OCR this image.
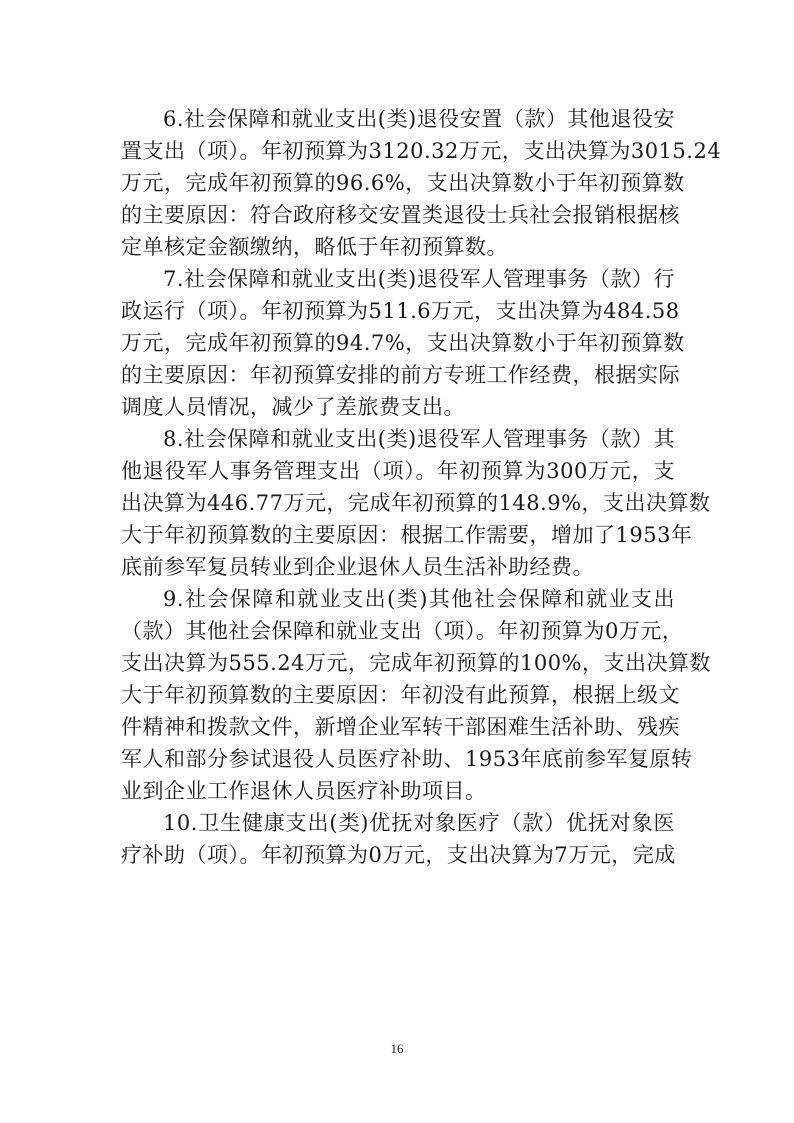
6.社会保障和就业支出(类)退役安置（款）其他退役安
置支出（项）。年初预算为3120.32万元，支出决算为3015.24
万元，完成年初预算的96.6%，支出决算数小于年初预算数
的主要原因：符合政府移交安置类退役士兵社会报销根据核
定单核定金额缴纳，略低于年初预算数。
7.社会保障和就业支出(类)退役军人管理事务（款）行
政运行（项）。年初预算为511.6万元，支出决算为484.58
万元，完成年初预算的94.7%，支出决算数小于年初预算数
的主要原因：年初预算安排的前方专班工作经费，根据实际
调度人员情况，减少了差旅费支出。
8.社会保障和就业支出(类)退役军人管理事务（款）其
他退役军人事务管理支出（项）。年初预算为300万元，支
出决算为446.77万元，完成年初预算的148.9%，支出决算数
大于年初预算数的主要原因：根据工作需要，增加了1953年
底前参军复员转业到企业退休人员生活补助经费。
9.社会保障和就业支出(类)其他社会保障和就业支出
（款）其他社会保障和就业支出（项）。年初预算为0万元，
支出决算为555.24万元，完成年初预算的100%，支出决算数
大于年初预算数的主要原因：年初没有此预算，根据上级文
件精神和拨款文件，新增企业军转干部困难生活补助、残疾
军人和部分参试退役人员医疗补助、1953年底前参军复原转
业到企业工作退休人员医疗补助项目。
10.卫生健康支出(类)优抚对象医疗（款）优抚对象医
疗补助（项）。年初预算为0万元，支出决算为7万元，完成
16
